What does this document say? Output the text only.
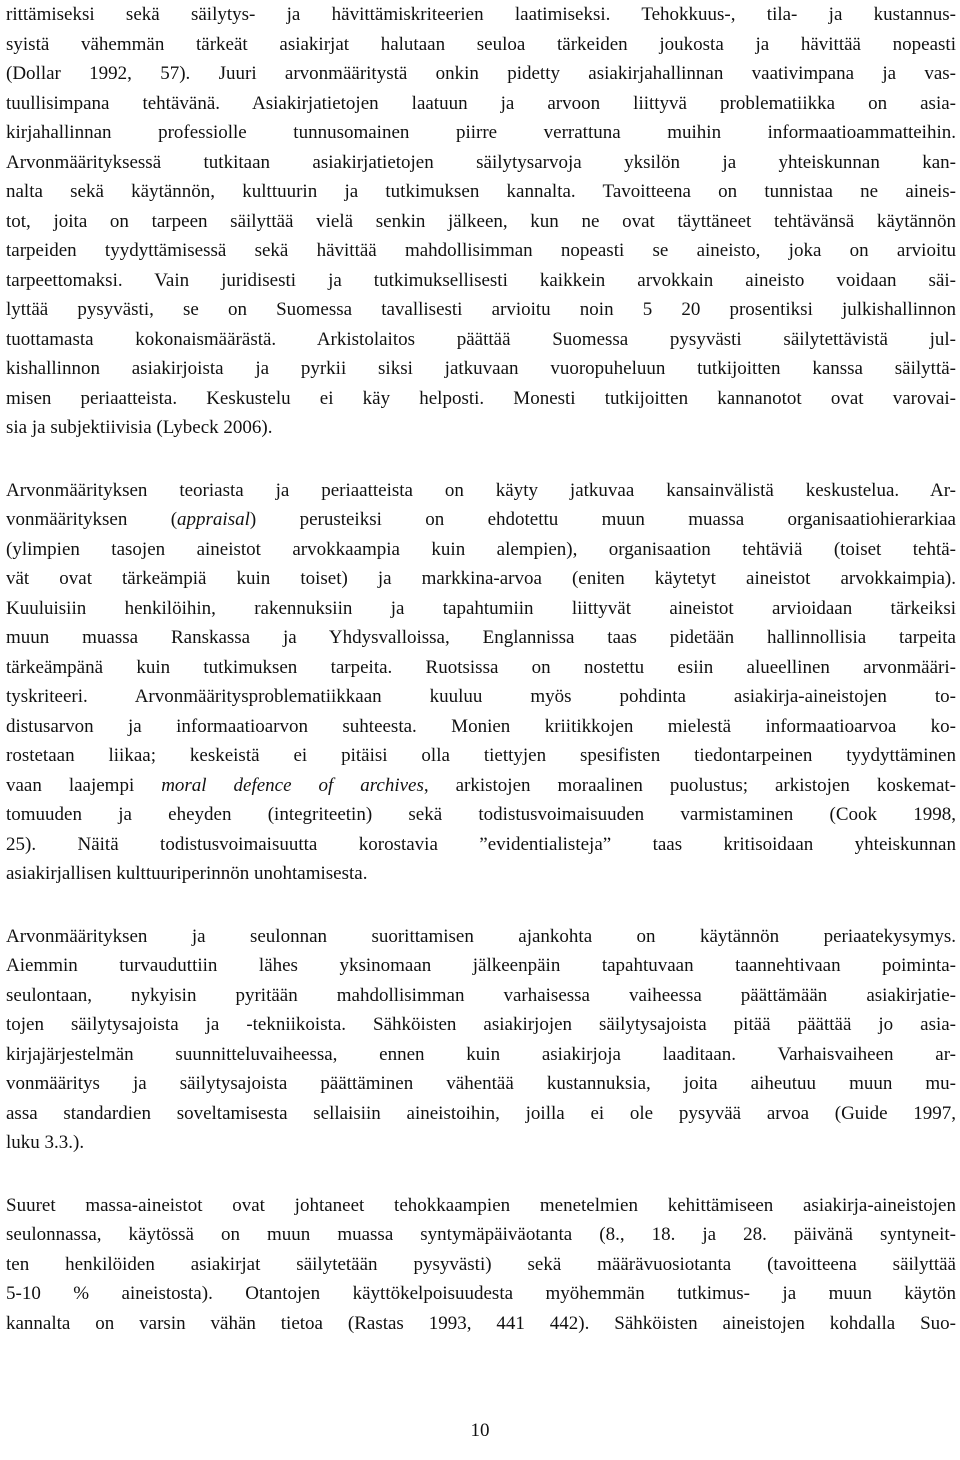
rittämiseksi sekä säilytys- ja hävittämiskriteerien laatimiseksi. Tehokkuus-, tila- ja kustannus-
syistä vähemmän tärkeät asiakirjat halutaan seuloa tärkeiden joukosta ja hävittää nopeasti
(Dollar 1992, 57). Juuri arvonmääritystä onkin pidetty asiakirjahallinnan vaativimpana ja vas-
tuullisimpana tehtävänä. Asiakirjatietojen laatuun ja arvoon liittyvä problematiikka on asia-
kirjahallinnan professiolle tunnusomainen piirre verrattuna muihin informaatioammatteihin.
Arvonmäärityksessä tutkitaan asiakirjatietojen säilytysarvoja yksilön ja yhteiskunnan kan-
nalta sekä käytännön, kulttuurin ja tutkimuksen kannalta. Tavoitteena on tunnistaa ne aineis-
tot, joita on tarpeen säilyttää vielä senkin jälkeen, kun ne ovat täyttäneet tehtävänsä käytännön
tarpeiden tyydyttämisessä sekä hävittää mahdollisimman nopeasti se aineisto, joka on arvioitu
tarpeettomaksi. Vain juridisesti ja tutkimuksellisesti kaikkein arvokkain aineisto voidaan säi-
lyttää pysyvästi, se on Suomessa tavallisesti arvioitu noin 5 20 prosentiksi julkishallinnon
tuottamasta kokonaismäärästä. Arkistolaitos päättää Suomessa pysyvästi säilytettävistä jul-
kishallinnon asiakirjoista ja pyrkii siksi jatkuvaan vuoropuheluun tutkijoitten kanssa säilyttä-
misen periaatteista. Keskustelu ei käy helposti. Monesti tutkijoitten kannanotot ovat varovai-
sia ja subjektiivisia (Lybeck 2006).
Arvonmäärityksen teoriasta ja periaatteista on käyty jatkuvaa kansainvälistä keskustelua. Ar-
vonmäärityksen (appraisal) perusteiksi on ehdotettu muun muassa organisaatiohierarkiaa
(ylimpien tasojen aineistot arvokkaampia kuin alempien), organisaation tehtäviä (toiset tehtä-
vät ovat tärkeämpiä kuin toiset) ja markkina-arvoa (eniten käytetyt aineistot arvokkaimpia).
Kuuluisiin henkilöihin, rakennuksiin ja tapahtumiin liittyvät aineistot arvioidaan tärkeiksi
muun muassa Ranskassa ja Yhdysvalloissa, Englannissa taas pidetään hallinnollisia tarpeita
tärkeämpänä kuin tutkimuksen tarpeita. Ruotsissa on nostettu esiin alueellinen arvonmääri-
tyskriteeri. Arvonmääritysproblematiikkaan kuuluu myös pohdinta asiakirja-aineistojen to-
distusarvon ja informaatioarvon suhteesta. Monien kriitikkojen mielestä informaatioarvoa ko-
rostetaan liikaa; keskeistä ei pitäisi olla tiettyjen spesifisten tiedontarpeinen tyydyttäminen
vaan laajempi moral defence of archives, arkistojen moraalinen puolustus; arkistojen koskemat-
tomuuden ja eheyden (integriteetin) sekä todistusvoimaisuuden varmistaminen (Cook 1998,
25). Näitä todistusvoimaisuutta korostavia ”evidentialisteja” taas kritisoidaan yhteiskunnan
asiakirjallisen kulttuuriperinnön unohtamisesta.
Arvonmäärityksen ja seulonnan suorittamisen ajankohta on käytännön periaatekysymys.
Aiemmin turvauduttiin lähes yksinomaan jälkeenpäin tapahtuvaan taannehtivaan poiminta-
seulontaan, nykyisin pyritään mahdollisimman varhaisessa vaiheessa päättämään asiakirjatie-
tojen säilytysajoista ja -tekniikoista. Sähköisten asiakirjojen säilytysajoista pitää päättää jo asia-
kirjajärjestelmän suunnitteluvaiheessa, ennen kuin asiakirjoja laaditaan. Varhaisvaiheen ar-
vonmääritys ja säilytysajoista päättäminen vähentää kustannuksia, joita aiheutuu muun mu-
assa standardien soveltamisesta sellaisiin aineistoihin, joilla ei ole pysyvää arvoa (Guide 1997,
luku 3.3.).
Suuret massa-aineistot ovat johtaneet tehokkaampien menetelmien kehittämiseen asiakirja-aineistojen
seulonnassa, käytössä on muun muassa syntymäpäiväotanta (8., 18. ja 28. päivänä syntyneit-
ten henkilöiden asiakirjat säilytetään pysyvästi) sekä määrävuosiotanta (tavoitteena säilyttää
5-10 % aineistosta). Otantojen käyttökelpoisuudesta myöhemmän tutkimus- ja muun käytön
kannalta on varsin vähän tietoa (Rastas 1993, 441 442). Sähköisten aineistojen kohdalla Suo-
10
